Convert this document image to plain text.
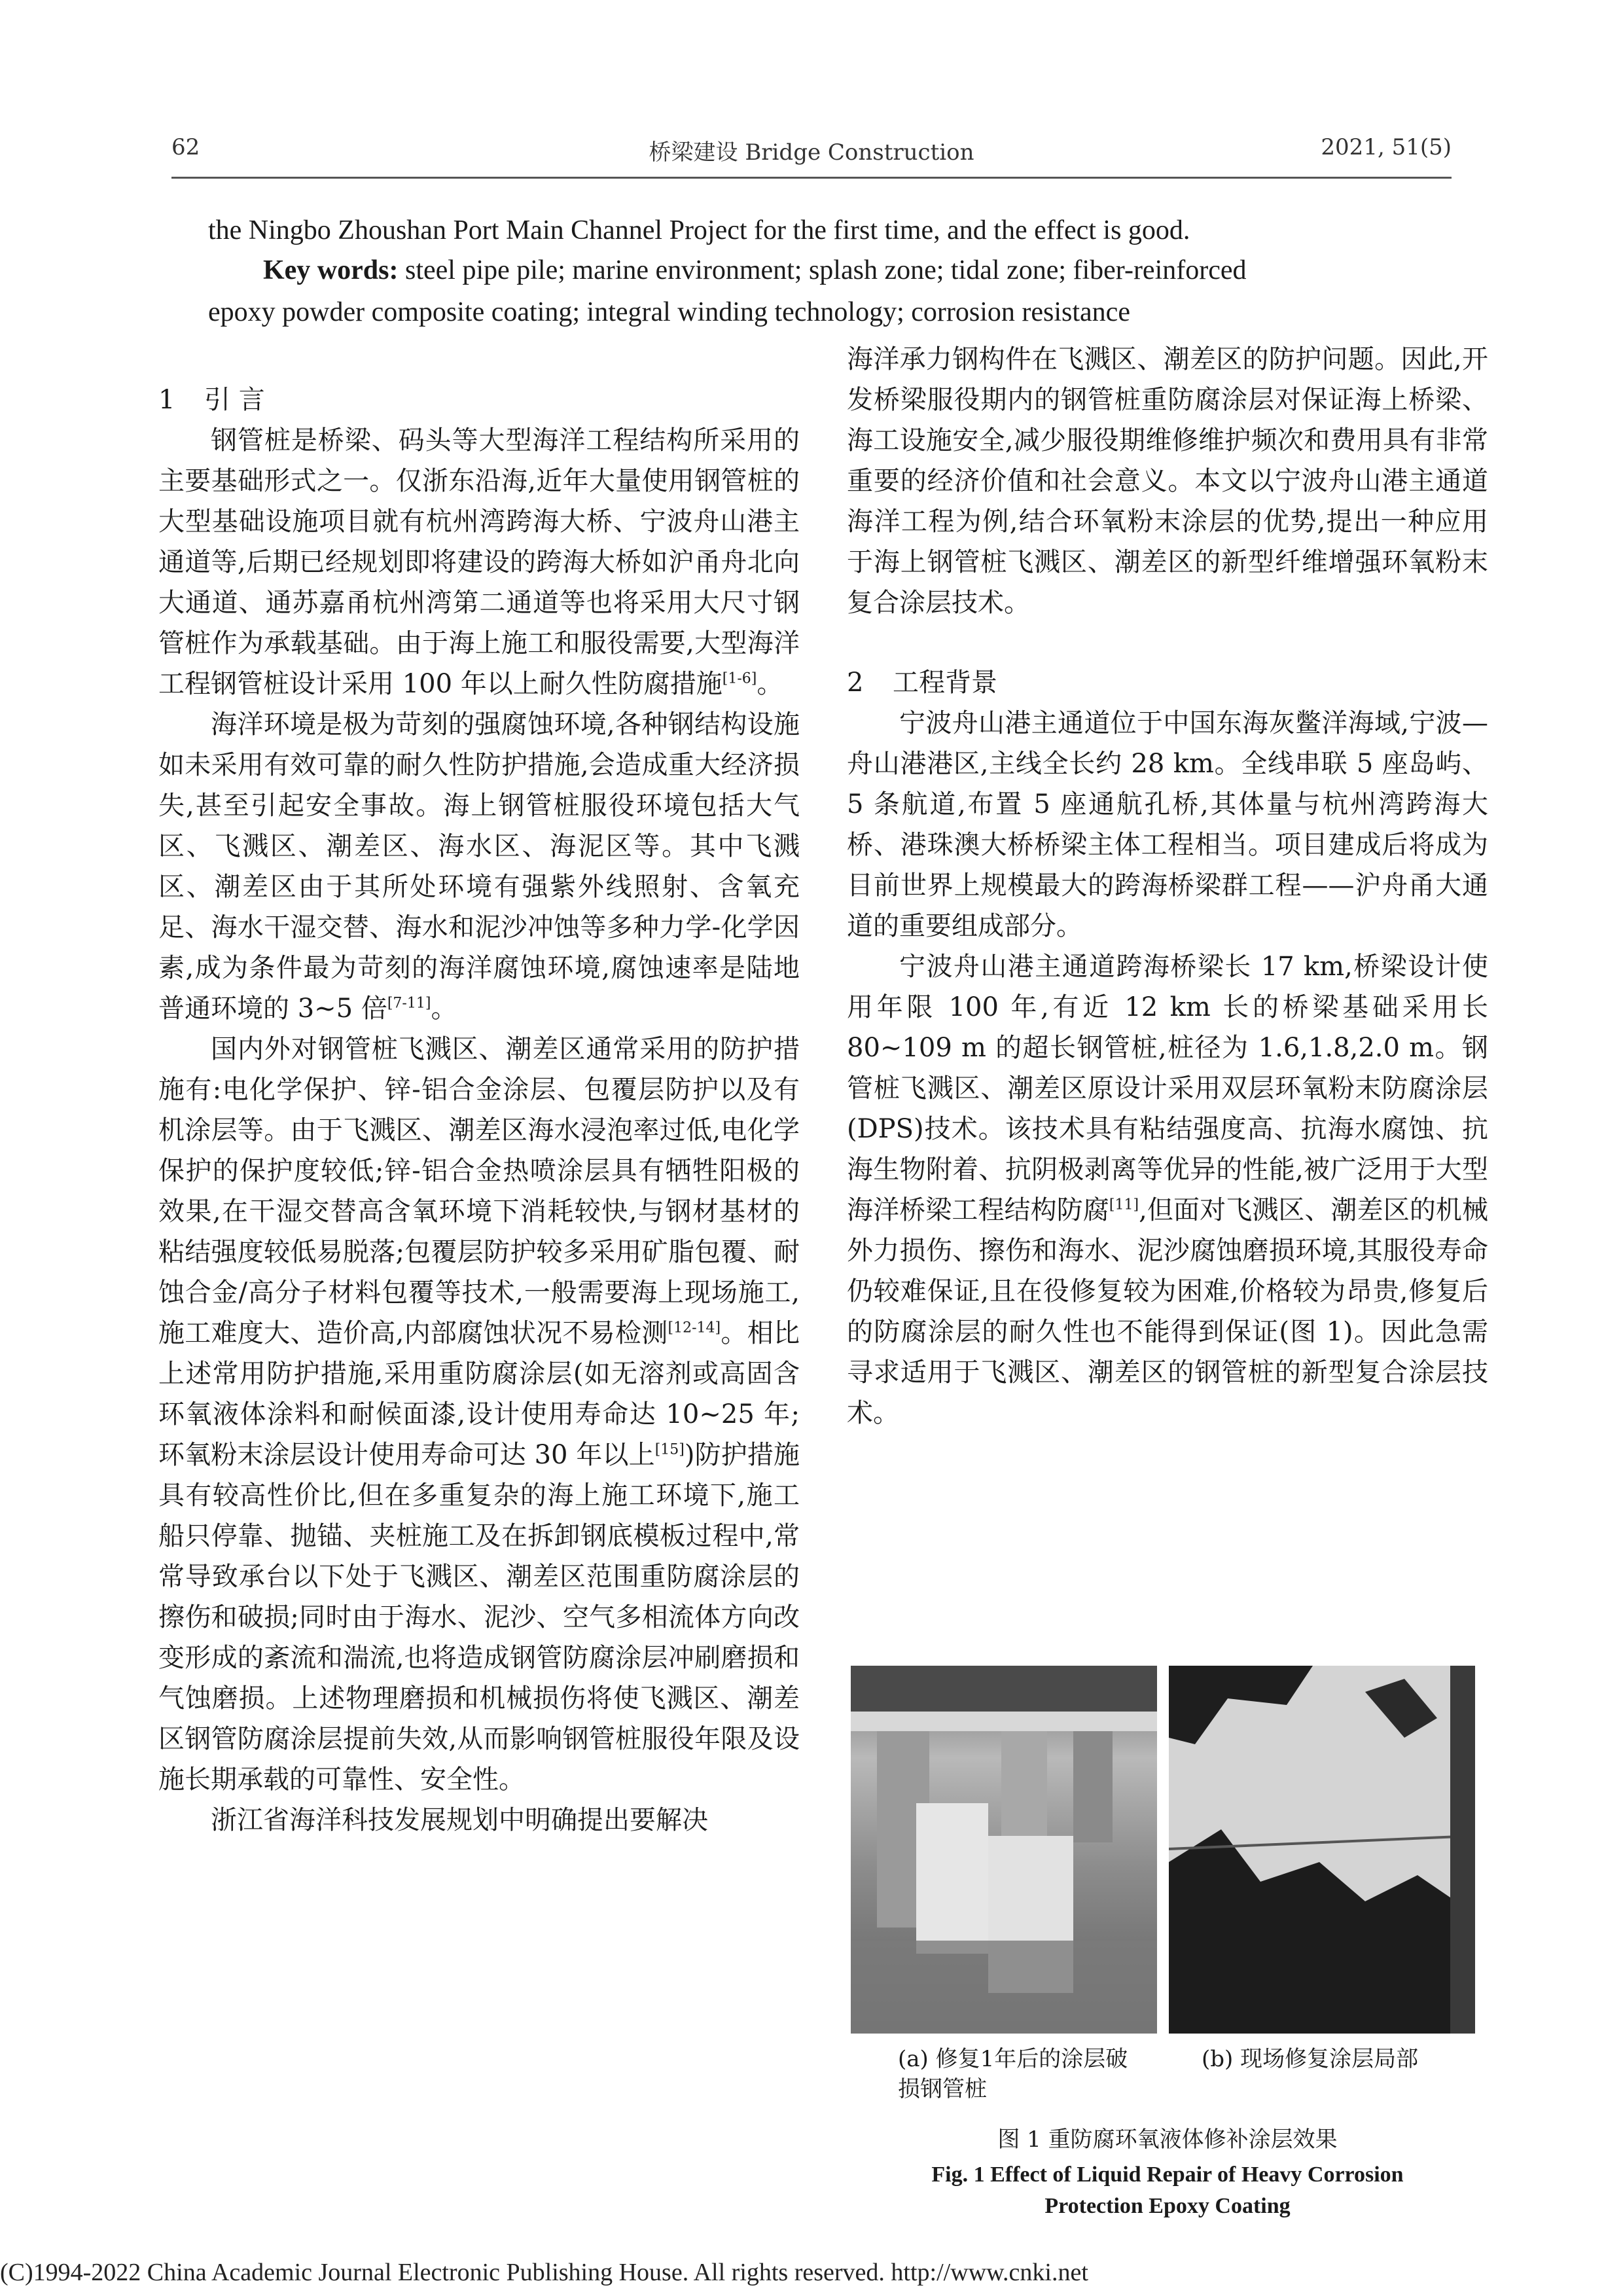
62	桥梁建设 Bridge Construction	2021, 51(5)
the Ningbo Zhoushan Port Main Channel Project for the first time, and the effect is good.
Key words: steel pipe pile; marine environment; splash zone; tidal zone; fiber-reinforced
epoxy powder composite coating; integral winding technology; corrosion resistance
1 引 言

钢管桩是桥梁、码头等大型海洋工程结构所采用的主要基础形式之一。仅浙东沿海,近年大量使用钢管桩的大型基础设施项目就有杭州湾跨海大桥、宁波舟山港主通道等,后期已经规划即将建设的跨海大桥如沪甬舟北向大通道、通苏嘉甬杭州湾第二通道等也将采用大尺寸钢管桩作为承载基础。由于海上施工和服役需要,大型海洋工程钢管桩设计采用 100 年以上耐久性防腐措施[1-6]。

海洋环境是极为苛刻的强腐蚀环境,各种钢结构设施如未采用有效可靠的耐久性防护措施,会造成重大经济损失,甚至引起安全事故。海上钢管桩服役环境包括大气区、飞溅区、潮差区、海水区、海泥区等。其中飞溅区、潮差区由于其所处环境有强紫外线照射、含氧充足、海水干湿交替、海水和泥沙冲蚀等多种力学-化学因素,成为条件最为苛刻的海洋腐蚀环境,腐蚀速率是陆地普通环境的 3~5 倍[7-11]。

国内外对钢管桩飞溅区、潮差区通常采用的防护措施有:电化学保护、锌-铝合金涂层、包覆层防护以及有机涂层等。由于飞溅区、潮差区海水浸泡率过低,电化学保护的保护度较低;锌-铝合金热喷涂层具有牺牲阳极的效果,在干湿交替高含氧环境下消耗较快,与钢材基材的粘结强度较低易脱落;包覆层防护较多采用矿脂包覆、耐蚀合金/高分子材料包覆等技术,一般需要海上现场施工,施工难度大、造价高,内部腐蚀状况不易检测[12-14]。相比上述常用防护措施,采用重防腐涂层(如无溶剂或高固含环氧液体涂料和耐候面漆,设计使用寿命达 10~25 年;环氧粉末涂层设计使用寿命可达 30 年以上[15])防护措施具有较高性价比,但在多重复杂的海上施工环境下,施工船只停靠、抛锚、夹桩施工及在拆卸钢底模板过程中,常常导致承台以下处于飞溅区、潮差区范围重防腐涂层的擦伤和破损;同时由于海水、泥沙、空气多相流体方向改变形成的紊流和湍流,也将造成钢管防腐涂层冲刷磨损和气蚀磨损。上述物理磨损和机械损伤将使飞溅区、潮差区钢管防腐涂层提前失效,从而影响钢管桩服役年限及设施长期承载的可靠性、安全性。

浙江省海洋科技发展规划中明确提出要解决

海洋承力钢构件在飞溅区、潮差区的防护问题。因此,开发桥梁服役期内的钢管桩重防腐涂层对保证海上桥梁、海工设施安全,减少服役期维修维护频次和费用具有非常重要的经济价值和社会意义。本文以宁波舟山港主通道海洋工程为例,结合环氧粉末涂层的优势,提出一种应用于海上钢管桩飞溅区、潮差区的新型纤维增强环氧粉末复合涂层技术。

2 工程背景

宁波舟山港主通道位于中国东海灰鳖洋海域,宁波—舟山港港区,主线全长约 28 km。全线串联 5 座岛屿、5 条航道,布置 5 座通航孔桥,其体量与杭州湾跨海大桥、港珠澳大桥桥梁主体工程相当。项目建成后将成为目前世界上规模最大的跨海桥梁群工程——沪舟甬大通道的重要组成部分。

宁波舟山港主通道跨海桥梁长 17 km,桥梁设计使用年限 100 年,有近 12 km 长的桥梁基础采用长 80~109 m 的超长钢管桩,桩径为 1.6,1.8,2.0 m。钢管桩飞溅区、潮差区原设计采用双层环氧粉末防腐涂层(DPS)技术。该技术具有粘结强度高、抗海水腐蚀、抗海生物附着、抗阴极剥离等优异的性能,被广泛用于大型海洋桥梁工程结构防腐[11],但面对飞溅区、潮差区的机械外力损伤、擦伤和海水、泥沙腐蚀磨损环境,其服役寿命仍较难保证,且在役修复较为困难,价格较为昂贵,修复后的防腐涂层的耐久性也不能得到保证(图 1)。因此急需寻求适用于飞溅区、潮差区的钢管桩的新型复合涂层技术。

(a) 修复1年后的涂层破损钢管桩
(b) 现场修复涂层局部
图 1 重防腐环氧液体修补涂层效果
Fig. 1 Effect of Liquid Repair of Heavy Corrosion
Protection Epoxy Coating
(C)1994-2022 China Academic Journal Electronic Publishing House. All rights reserved. http://www.cnki.net
